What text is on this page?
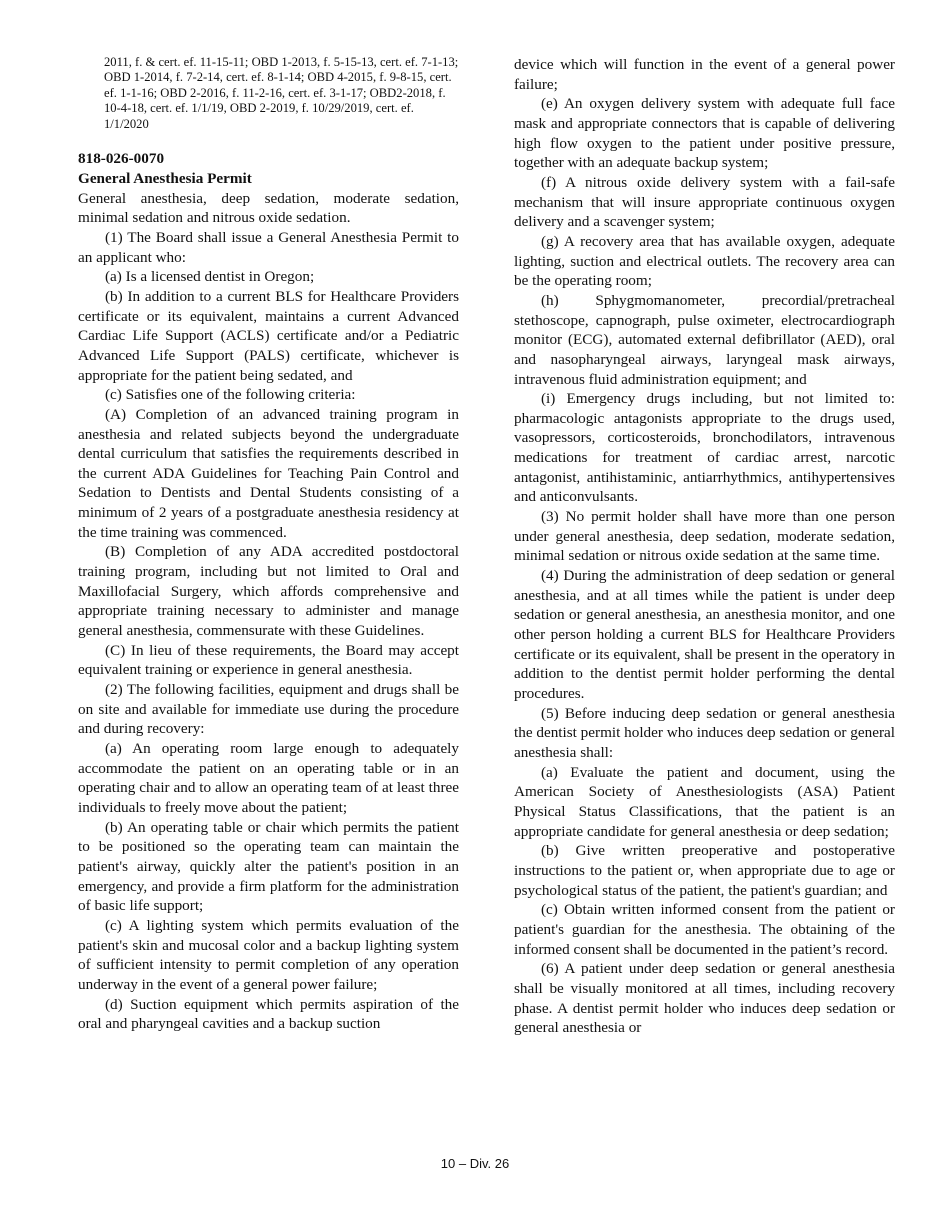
2011, f. & cert. ef. 11-15-11; OBD 1-2013, f. 5-15-13, cert. ef. 7-1-13; OBD 1-2014, f. 7-2-14, cert. ef. 8-1-14; OBD 4-2015, f. 9-8-15, cert. ef. 1-1-16; OBD 2-2016, f. 11-2-16, cert. ef. 3-1-17; OBD2-2018, f. 10-4-18, cert. ef. 1/1/19, OBD 2-2019, f. 10/29/2019, cert. ef. 1/1/2020

818-026-0070
General Anesthesia Permit

General anesthesia, deep sedation, moderate sedation, minimal sedation and nitrous oxide sedation.

(1) The Board shall issue a General Anesthesia Permit to an applicant who:

(a) Is a licensed dentist in Oregon;

(b) In addition to a current BLS for Healthcare Providers certificate or its equivalent, maintains a current Advanced Cardiac Life Support (ACLS) certificate and/or a Pediatric Advanced Life Support (PALS) certificate, whichever is appropriate for the patient being sedated, and

(c) Satisfies one of the following criteria:

(A) Completion of an advanced training program in anesthesia and related subjects beyond the undergraduate dental curriculum that satisfies the requirements described in the current ADA Guidelines for Teaching Pain Control and Sedation to Dentists and Dental Students consisting of a minimum of 2 years of a postgraduate anesthesia residency at the time training was commenced.

(B) Completion of any ADA accredited postdoctoral training program, including but not limited to Oral and Maxillofacial Surgery, which affords comprehensive and appropriate training necessary to administer and manage general anesthesia, commensurate with these Guidelines.

(C) In lieu of these requirements, the Board may accept equivalent training or experience in general anesthesia.

(2) The following facilities, equipment and drugs shall be on site and available for immediate use during the procedure and during recovery:

(a) An operating room large enough to adequately accommodate the patient on an operating table or in an operating chair and to allow an operating team of at least three individuals to freely move about the patient;

(b) An operating table or chair which permits the patient to be positioned so the operating team can maintain the patient's airway, quickly alter the patient's position in an emergency, and provide a firm platform for the administration of basic life support;

(c) A lighting system which permits evaluation of the patient's skin and mucosal color and a backup lighting system of sufficient intensity to permit completion of any operation underway in the event of a general power failure;

(d) Suction equipment which permits aspiration of the oral and pharyngeal cavities and a backup suction

device which will function in the event of a general power failure;

(e) An oxygen delivery system with adequate full face mask and appropriate connectors that is capable of delivering high flow oxygen to the patient under positive pressure, together with an adequate backup system;

(f) A nitrous oxide delivery system with a fail-safe mechanism that will insure appropriate continuous oxygen delivery and a scavenger system;

(g) A recovery area that has available oxygen, adequate lighting, suction and electrical outlets. The recovery area can be the operating room;

(h) Sphygmomanometer, precordial/pretracheal stethoscope, capnograph, pulse oximeter, electrocardiograph monitor (ECG), automated external defibrillator (AED), oral and nasopharyngeal airways, laryngeal mask airways, intravenous fluid administration equipment; and

(i) Emergency drugs including, but not limited to: pharmacologic antagonists appropriate to the drugs used, vasopressors, corticosteroids, bronchodilators, intravenous medications for treatment of cardiac arrest, narcotic antagonist, antihistaminic, antiarrhythmics, antihypertensives and anticonvulsants.

(3) No permit holder shall have more than one person under general anesthesia, deep sedation, moderate sedation, minimal sedation or nitrous oxide sedation at the same time.

(4) During the administration of deep sedation or general anesthesia, and at all times while the patient is under deep sedation or general anesthesia, an anesthesia monitor, and one other person holding a current BLS for Healthcare Providers certificate or its equivalent, shall be present in the operatory in addition to the dentist permit holder performing the dental procedures.

(5) Before inducing deep sedation or general anesthesia the dentist permit holder who induces deep sedation or general anesthesia shall:

(a) Evaluate the patient and document, using the American Society of Anesthesiologists (ASA) Patient Physical Status Classifications, that the patient is an appropriate candidate for general anesthesia or deep sedation;

(b) Give written preoperative and postoperative instructions to the patient or, when appropriate due to age or psychological status of the patient, the patient's guardian; and

(c) Obtain written informed consent from the patient or patient's guardian for the anesthesia. The obtaining of the informed consent shall be documented in the patient’s record.

(6) A patient under deep sedation or general anesthesia shall be visually monitored at all times, including recovery phase. A dentist permit holder who induces deep sedation or general anesthesia or

10 – Div. 26
